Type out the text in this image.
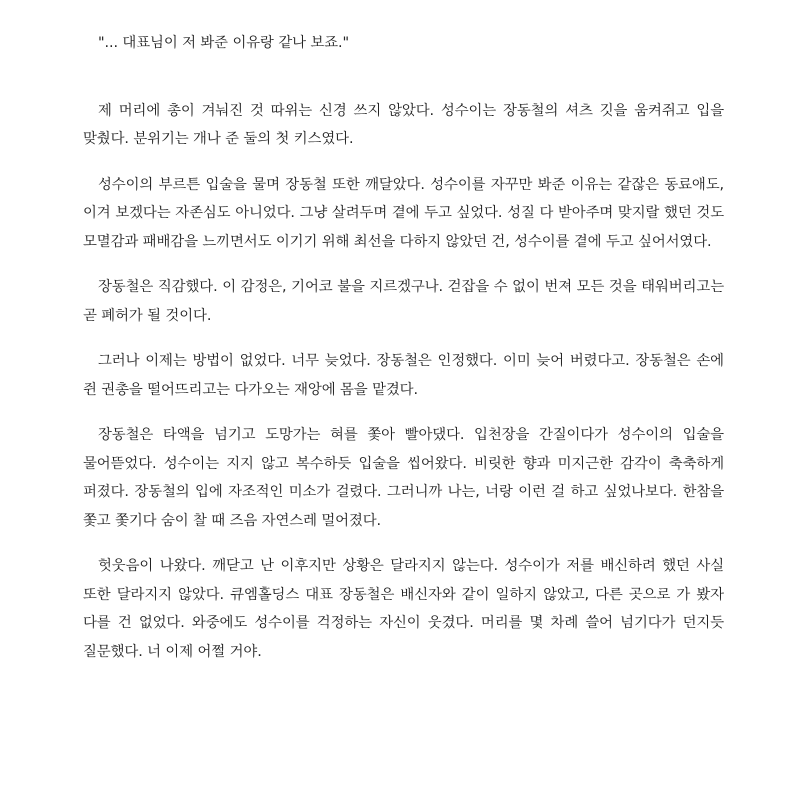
"... 대표님이 저 봐준 이유랑 같나 보죠."

제 머리에 총이 겨눠진 것 따위는 신경 쓰지 않았다. 성수이는 장동철의 셔츠 깃을 움켜쥐고 입을 맞췄다. 분위기는 개나 준 둘의 첫 키스였다.

성수이의 부르튼 입술을 물며 장동철 또한 깨달았다. 성수이를 자꾸만 봐준 이유는 같잖은 동료애도, 이겨 보겠다는 자존심도 아니었다. 그냥 살려두며 곁에 두고 싶었다. 성질 다 받아주며 맞지랄 했던 것도 모멸감과 패배감을 느끼면서도 이기기 위해 최선을 다하지 않았던 건, 성수이를 곁에 두고 싶어서였다.

장동철은 직감했다. 이 감정은, 기어코 불을 지르겠구나. 걷잡을 수 없이 번져 모든 것을 태워버리고는 곧 폐허가 될 것이다.

그러나 이제는 방법이 없었다. 너무 늦었다. 장동철은 인정했다. 이미 늦어 버렸다고. 장동철은 손에 쥔 권총을 떨어뜨리고는 다가오는 재앙에 몸을 맡겼다.

장동철은 타액을 넘기고 도망가는 혀를 쫓아 빨아댔다. 입천장을 간질이다가 성수이의 입술을 물어뜯었다. 성수이는 지지 않고 복수하듯 입술을 씹어왔다. 비릿한 향과 미지근한 감각이 축축하게 퍼졌다. 장동철의 입에 자조적인 미소가 걸렸다. 그러니까 나는, 너랑 이런 걸 하고 싶었나보다. 한참을 쫓고 쫓기다 숨이 찰 때 즈음 자연스레 멀어졌다.

헛웃음이 나왔다. 깨닫고 난 이후지만 상황은 달라지지 않는다. 성수이가 저를 배신하려 했던 사실 또한 달라지지 않았다. 큐엠홀딩스 대표 장동철은 배신자와 같이 일하지 않았고, 다른 곳으로 가 봤자 다를 건 없었다. 와중에도 성수이를 걱정하는 자신이 웃겼다. 머리를 몇 차례 쓸어 넘기다가 던지듯 질문했다. 너 이제 어쩔 거야.
